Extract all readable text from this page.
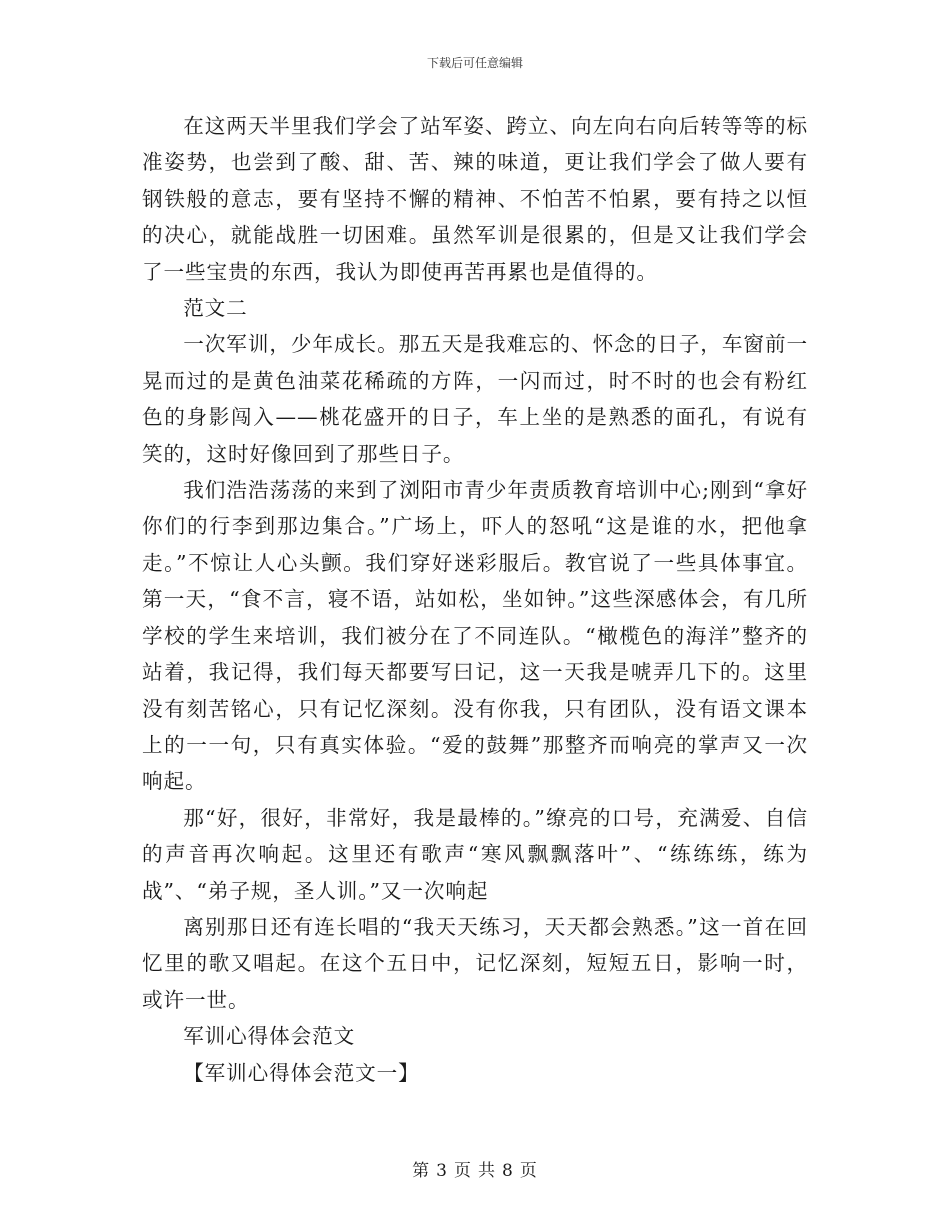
下载后可任意编辑

在这两天半里我们学会了站军姿、跨立、向左向右向后转等等的标准姿势，也尝到了酸、甜、苦、辣的味道，更让我们学会了做人要有钢铁般的意志，要有坚持不懈的精神、不怕苦不怕累，要有持之以恒的决心，就能战胜一切困难。虽然军训是很累的，但是又让我们学会了一些宝贵的东西，我认为即使再苦再累也是值得的。

范文二

一次军训，少年成长。那五天是我难忘的、怀念的日子，车窗前一晃而过的是黄色油菜花稀疏的方阵，一闪而过，时不时的也会有粉红色的身影闯入——桃花盛开的日子，车上坐的是熟悉的面孔，有说有笑的，这时好像回到了那些日子。

我们浩浩荡荡的来到了浏阳市青少年责质教育培训中心;刚到“拿好你们的行李到那边集合。”广场上，吓人的怒吼“这是谁的水，把他拿走。”不惊让人心头颤。我们穿好迷彩服后。教官说了一些具体事宜。第一天，“食不言，寝不语，站如松，坐如钟。”这些深感体会，有几所学校的学生来培训，我们被分在了不同连队。“橄榄色的海洋”整齐的站着，我记得，我们每天都要写曰记，这一天我是唬弄几下的。这里没有刻苦铭心，只有记忆深刻。没有你我，只有团队，没有语文课本上的一一句，只有真实体验。“爱的鼓舞”那整齐而响亮的掌声又一次响起。

那“好，很好，非常好，我是最棒的。”缭亮的口号，充满爱、自信的声音再次响起。这里还有歌声“寒风飘飘落叶”、“练练练，练为战”、“弟子规，圣人训。”又一次响起

离别那日还有连长唱的“我天天练习，天天都会熟悉。”这一首在回忆里的歌又唱起。在这个五日中，记忆深刻，短短五日，影响一时，或许一世。

军训心得体会范文

【军训心得体会范文一】

第 3 页 共 8 页
